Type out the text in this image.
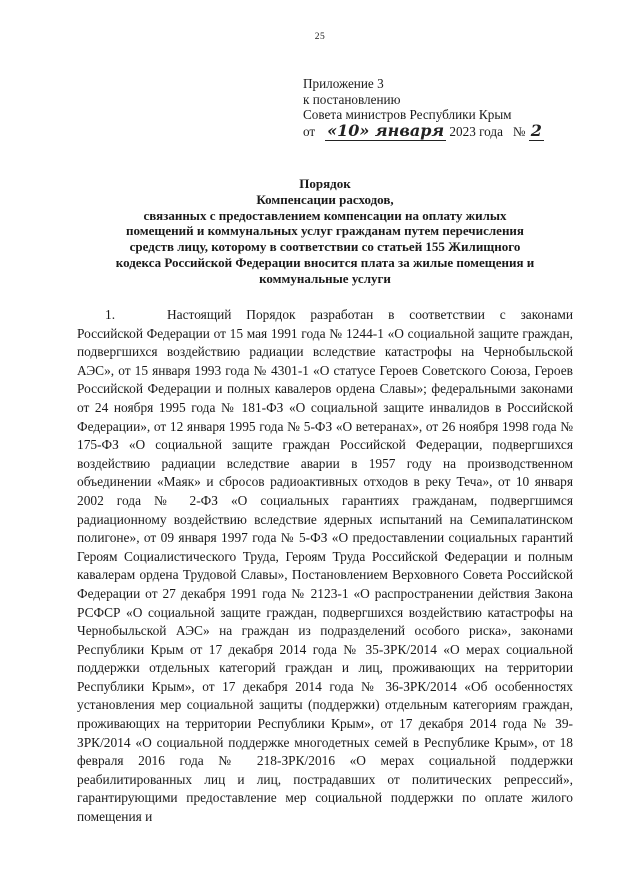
25
Приложение 3
к постановлению
Совета министров Республики Крым
от «10» января 2023 года № 2
Порядок
Компенсации расходов,
связанных с предоставлением компенсации на оплату жилых
помещений и коммунальных услуг гражданам путем перечисления
средств лицу, которому в соответствии со статьей 155 Жилищного
кодекса Российской Федерации вносится плата за жилые помещения и
коммунальные услуги

1.	Настоящий Порядок разработан в соответствии с законами Российской Федерации от 15 мая 1991 года № 1244-1 «О социальной защите граждан, подвергшихся воздействию радиации вследствие катастрофы на Чернобыльской АЭС», от 15 января 1993 года № 4301-1 «О статусе Героев Советского Союза, Героев Российской Федерации и полных кавалеров ордена Славы»; федеральными законами от 24 ноября 1995 года № 181-ФЗ «О социальной защите инвалидов в Российской Федерации», от 12 января 1995 года № 5-ФЗ «О ветеранах», от 26 ноября 1998 года № 175-ФЗ «О социальной защите граждан Российской Федерации, подвергшихся воздействию радиации вследствие аварии в 1957 году на производственном объединении «Маяк» и сбросов радиоактивных отходов в реку Теча», от 10 января 2002 года № 2-ФЗ «О социальных гарантиях гражданам, подвергшимся радиационному воздействию вследствие ядерных испытаний на Семипалатинском полигоне», от 09 января 1997 года № 5-ФЗ «О предоставлении социальных гарантий Героям Социалистического Труда, Героям Труда Российской Федерации и полным кавалерам ордена Трудовой Славы», Постановлением Верховного Совета Российской Федерации от 27 декабря 1991 года № 2123-1 «О распространении действия Закона РСФСР «О социальной защите граждан, подвергшихся воздействию катастрофы на Чернобыльской АЭС» на граждан из подразделений особого риска», законами Республики Крым от 17 декабря 2014 года № 35-ЗРК/2014 «О мерах социальной поддержки отдельных категорий граждан и лиц, проживающих на территории Республики Крым», от 17 декабря 2014 года № 36-ЗРК/2014 «Об особенностях установления мер социальной защиты (поддержки) отдельным категориям граждан, проживающих на территории Республики Крым», от 17 декабря 2014 года № 39-ЗРК/2014 «О социальной поддержке многодетных семей в Республике Крым», от 18 февраля 2016 года № 218-ЗРК/2016 «О мерах социальной поддержки реабилитированных лиц и лиц, пострадавших от политических репрессий», гарантирующими предоставление мер социальной поддержки по оплате жилого помещения и
